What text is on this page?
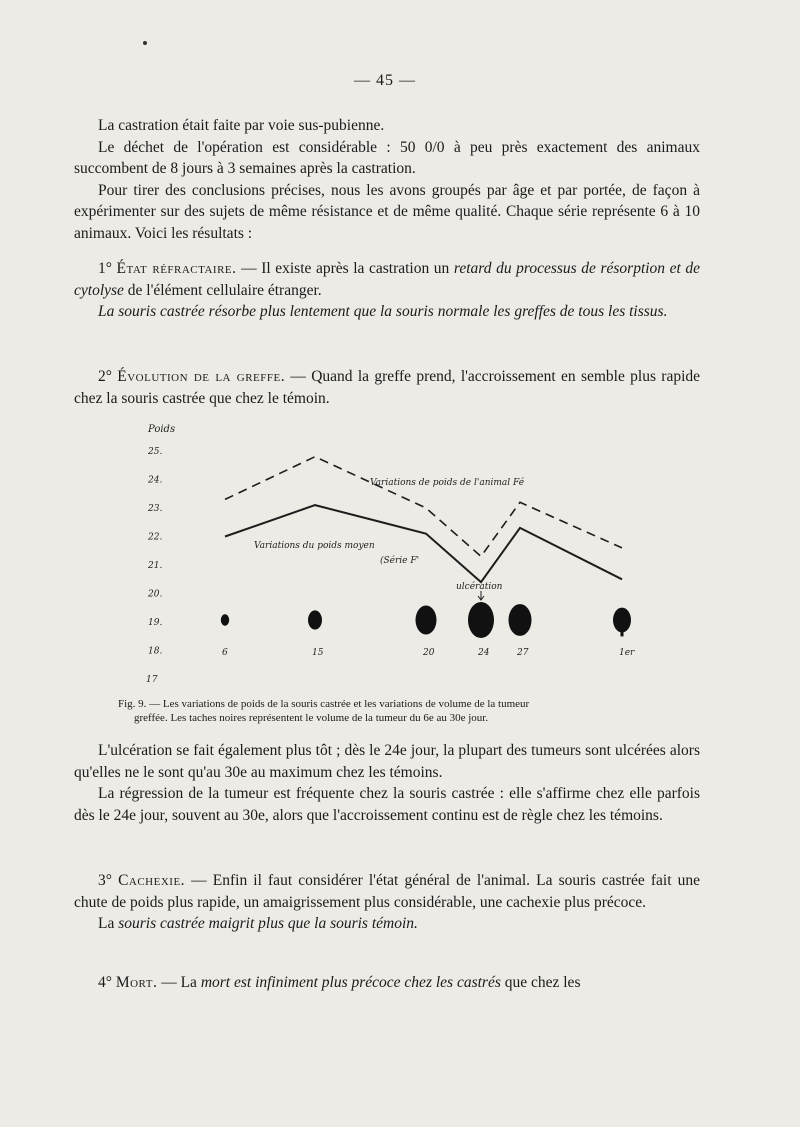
— 45 —

La castration était faite par voie sus-pubienne.

Le déchet de l'opération est considérable : 50 0/0 à peu près exactement des animaux succombent de 8 jours à 3 semaines après la castration.

Pour tirer des conclusions précises, nous les avons groupés par âge et par portée, de façon à expérimenter sur des sujets de même résistance et de même qualité. Chaque série représente 6 à 10 animaux. Voici les résultats :

1° État réfractaire. — Il existe après la castration un retard du processus de résorption et de cytolyse de l'élément cellulaire étranger.

La souris castrée résorbe plus lentement que la souris normale les greffes de tous les tissus.

2° Évolution de la greffe. — Quand la greffe prend, l'accroissement en semble plus rapide chez la souris castrée que chez le témoin.

Poids
25.
24.
23.
22.
21.
20.
19.
18.
17
Variations de poids de l'animal Fé
Variations du poids moyen
(Série F'
ulcération
6	15	20	24	27	1er

Fig. 9. — Les variations de poids de la souris castrée et les variations de volume de la tumeur

greffée. Les taches noires représentent le volume de la tumeur du 6e au 30e jour.

L'ulcération se fait également plus tôt ; dès le 24e jour, la plupart des tumeurs sont ulcérées alors qu'elles ne le sont qu'au 30e au maximum chez les témoins.

La régression de la tumeur est fréquente chez la souris castrée : elle s'affirme chez elle parfois dès le 24e jour, souvent au 30e, alors que l'accroissement continu est de règle chez les témoins.

3° Cachexie. — Enfin il faut considérer l'état général de l'animal. La souris castrée fait une chute de poids plus rapide, un amaigrissement plus considérable, une cachexie plus précoce.

La souris castrée maigrit plus que la souris témoin.

4° Mort. — La mort est infiniment plus précoce chez les castrés que chez les
